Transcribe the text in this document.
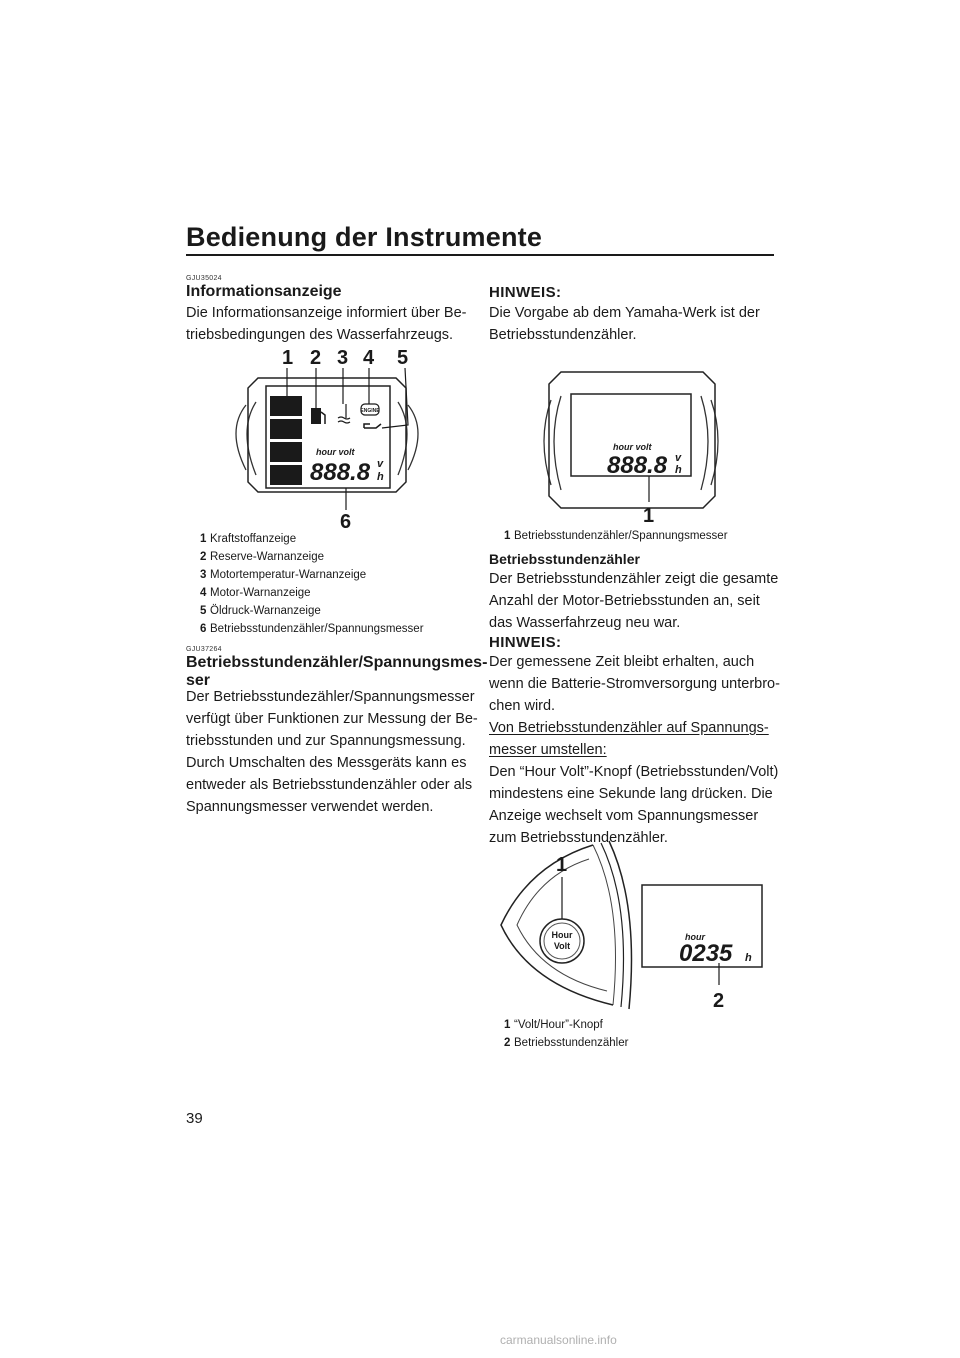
Bedienung der Instrumente
GJU35024
Informationsanzeige
Die Informationsanzeige informiert über Be-
triebsbedingungen des Wasserfahrzeugs.
ENGINE
hour volt
888.8 v
h
1 2 3 4 5
6
1 Kraftstoffanzeige
2 Reserve-Warnanzeige
3 Motortemperatur-Warnanzeige
4 Motor-Warnanzeige
5 Öldruck-Warnanzeige
6 Betriebsstundenzähler/Spannungsmesser
GJU37264
Betriebsstundenzähler/Spannungsmes-
ser
Der Betriebsstundezähler/Spannungsmesser
verfügt über Funktionen zur Messung der Be-
triebsstunden und zur Spannungsmessung.
Durch Umschalten des Messgeräts kann es
entweder als Betriebsstundenzähler oder als
Spannungsmesser verwendet werden.
HINWEIS:
Die Vorgabe ab dem Yamaha-Werk ist der
Betriebsstundenzähler.
hour volt
888.8 v
h
1
1 Betriebsstundenzähler/Spannungsmesser
Betriebsstundenzähler
Der Betriebsstundenzähler zeigt die gesamte
Anzahl der Motor-Betriebsstunden an, seit
das Wasserfahrzeug neu war.
HINWEIS:
Der gemessene Zeit bleibt erhalten, auch
wenn die Batterie-Stromversorgung unterbro-
chen wird.
Von Betriebsstundenzähler auf Spannungs-
messer umstellen:
Den “Hour Volt”-Knopf (Betriebsstunden/Volt)
mindestens eine Sekunde lang drücken. Die
Anzeige wechselt vom Spannungsmesser
zum Betriebsstundenzähler.
Hour
Volt
1
hour
0235 h
2
1 “Volt/Hour”-Knopf
2 Betriebsstundenzähler
39
carmanualsonline.info
